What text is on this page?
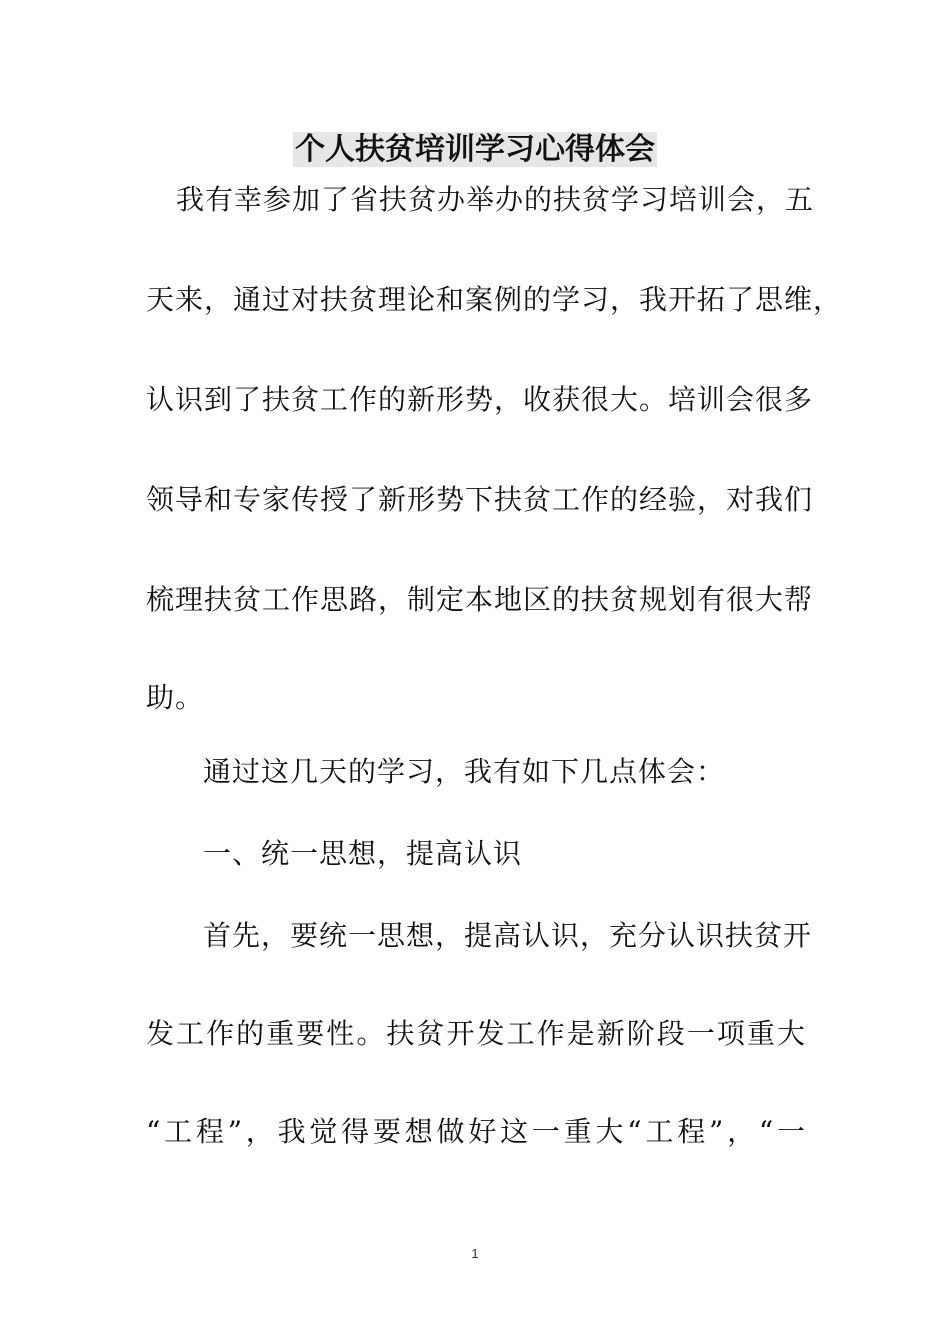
个人扶贫培训学习心得体会
我有幸参加了省扶贫办举办的扶贫学习培训会，五
天来，通过对扶贫理论和案例的学习，我开拓了思维，
认识到了扶贫工作的新形势，收获很大。培训会很多
领导和专家传授了新形势下扶贫工作的经验，对我们
梳理扶贫工作思路，制定本地区的扶贫规划有很大帮
助。
通过这几天的学习，我有如下几点体会：
一、统一思想，提高认识
首先，要统一思想，提高认识，充分认识扶贫开
发工作的重要性。扶贫开发工作是新阶段一项重大
“工程”，我觉得要想做好这一重大“工程”，“一
1
